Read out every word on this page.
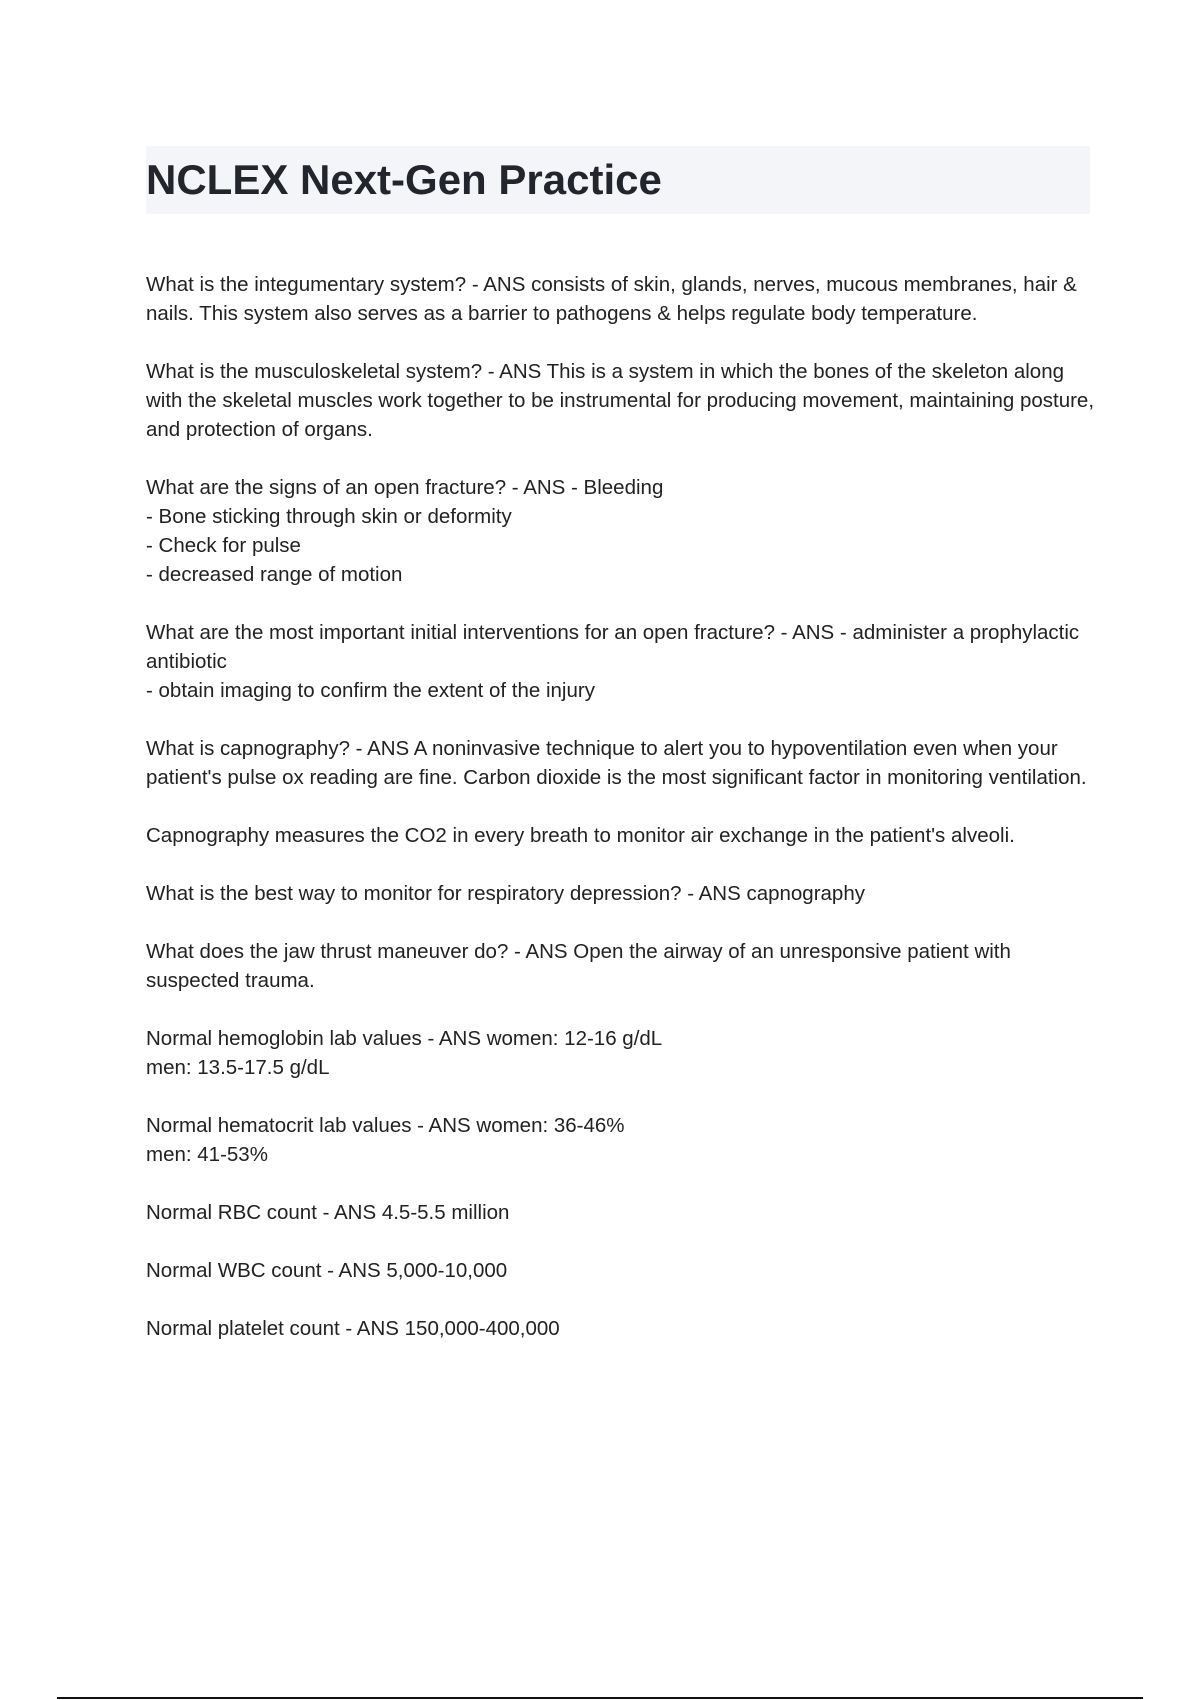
NCLEX Next-Gen Practice

What is the integumentary system? - ANS consists of skin, glands, nerves, mucous membranes, hair & nails. This system also serves as a barrier to pathogens & helps regulate body temperature.

What is the musculoskeletal system? - ANS This is a system in which the bones of the skeleton along with the skeletal muscles work together to be instrumental for producing movement, maintaining posture, and protection of organs.

What are the signs of an open fracture? - ANS - Bleeding
- Bone sticking through skin or deformity
- Check for pulse
- decreased range of motion

What are the most important initial interventions for an open fracture? - ANS - administer a prophylactic antibiotic
- obtain imaging to confirm the extent of the injury

What is capnography? - ANS A noninvasive technique to alert you to hypoventilation even when your patient's pulse ox reading are fine. Carbon dioxide is the most significant factor in monitoring ventilation.

Capnography measures the CO2 in every breath to monitor air exchange in the patient's alveoli.

What is the best way to monitor for respiratory depression? - ANS capnography

What does the jaw thrust maneuver do? - ANS Open the airway of an unresponsive patient with suspected trauma.

Normal hemoglobin lab values - ANS women: 12-16 g/dL
men: 13.5-17.5 g/dL

Normal hematocrit lab values - ANS women: 36-46%
men: 41-53%

Normal RBC count - ANS 4.5-5.5 million

Normal WBC count - ANS 5,000-10,000

Normal platelet count - ANS 150,000-400,000
